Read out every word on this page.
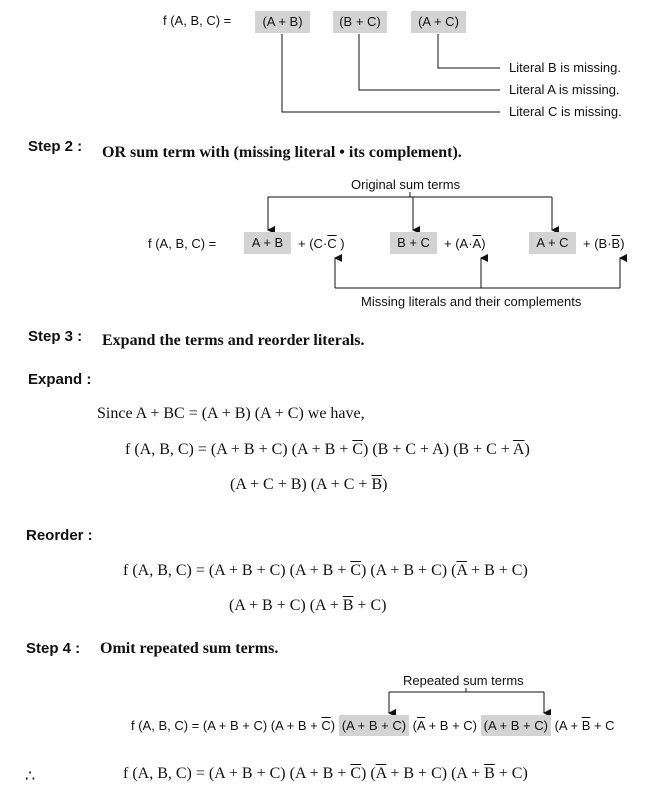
f (A, B, C) =	(A + B)	(B + C)	(A + C)
Literal B is missing.
Literal A is missing.
Literal C is missing.
Step 2 : OR sum term with (missing literal • its complement).
Original sum terms
f (A, B, C) =	A + B	+ ($C\cdot\overline{C}$ )	B + C	+ $(A\cdot\overline{A})$	A + C	+ $(B\cdot\overline{B})$
Missing literals and their complements
Step 3 : Expand the terms and reorder literals.
Expand :
Since A + BC = (A + B) (A + C) we have,
f (A, B, C) = (A + B + C) $(A + B + \overline{C})$ (B + C + A) $(B + C + \overline{A})$
(A + C + B) $(A + C + \overline{B})$
Reorder :
f (A, B, C) = (A + B + C) $(A + B + \overline{C})$ (A + B + C) $(\overline{A} + B + C)$
(A + B + C) $(A + \overline{B} + C)$
Step 4 : Omit repeated sum terms.
Repeated sum terms
f (A, B, C) = (A + B + C) $(A + B + \overline{C})$ (A + B + C) $(\overline{A} + B + C) (A + B + C) (A + \overline{B} + C$
∴	f (A, B, C) = (A + B + C) $(A + B + \overline{C})$ $(\overline{A} + B + C) (A + \overline{B} + C)$
